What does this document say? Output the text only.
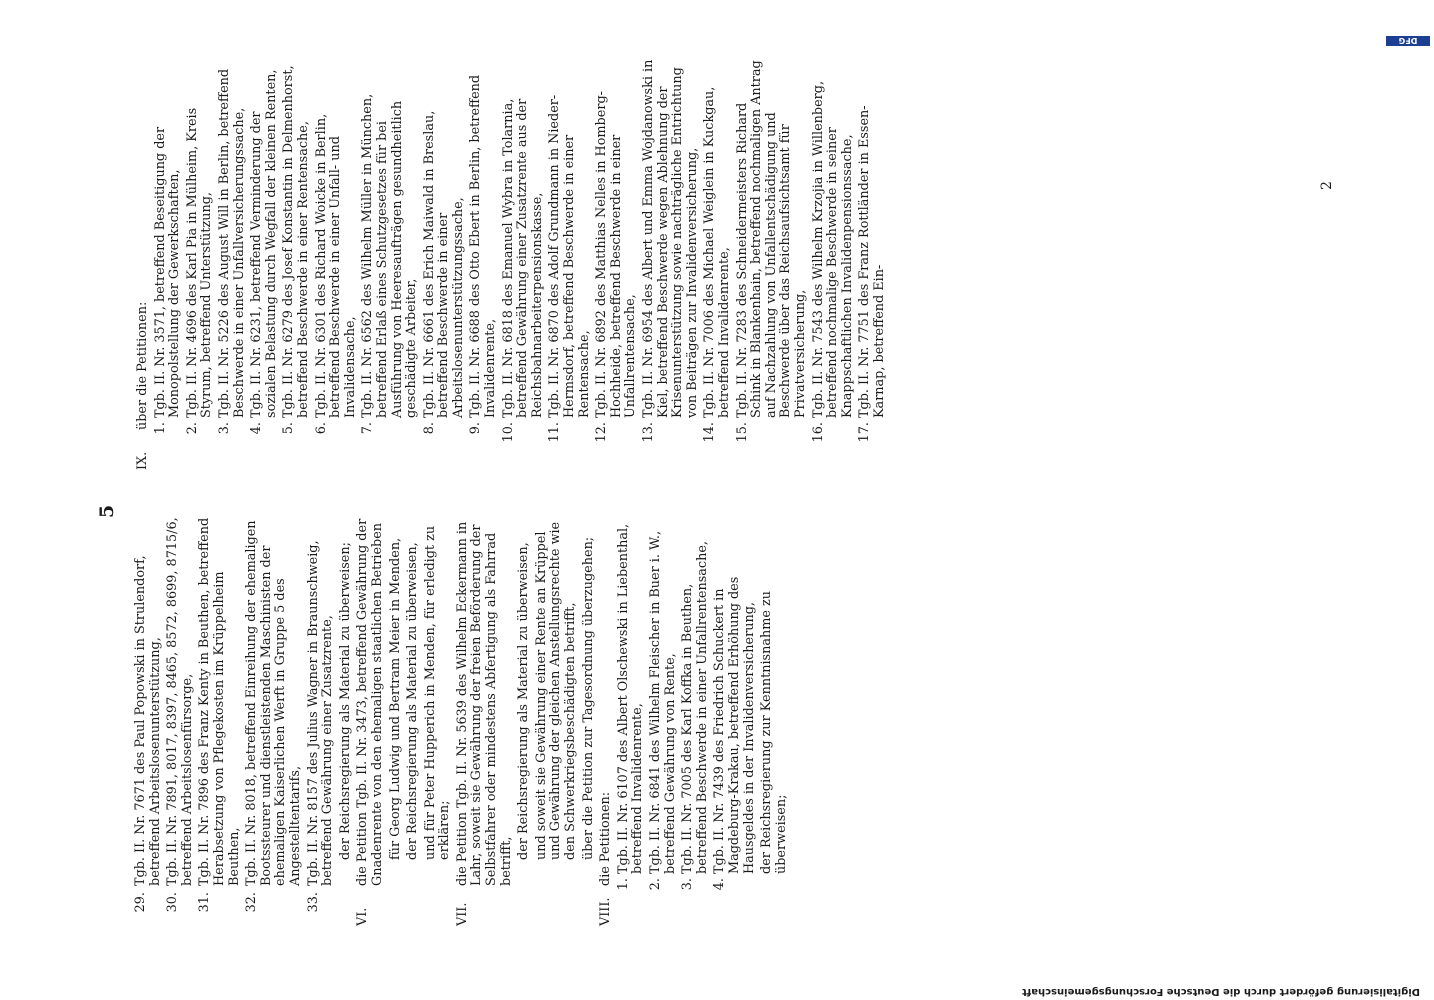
5
29.
Tgb. II. Nr. 7671 des Paul Popowski in Strulendorf, betreffend Arbeitslosenunterstützung,
30.
Tgb. II. Nr. 7891, 8017, 8397, 8465, 8572, 8699, 8715/6, betreffend Arbeitslosenfürsorge,
31.
Tgb. II. Nr. 7896 des Franz Kenty in Beuthen, betreffend Herabsetzung von Pflegekosten im Krüppelheim Beuthen,
32.
Tgb. II. Nr. 8018, betreffend Einreihung der ehemaligen Bootssteurer und dienstleistenden Maschinisten der ehemaligen Kaiserlichen Werft in Gruppe 5 des Angestelltentarifs,
33.
Tgb. II. Nr. 8157 des Julius Wagner in Braunschweig, betreffend Gewährung einer Zusatzrente, der Reichsregierung als Material zu überweisen;
VI.
die Petition Tgb. II. Nr. 3473, betreffend Gewährung der Gnadenrente von den ehemaligen staatlichen Betrieben für Georg Ludwig und Bertram Meier in Menden, der Reichsregierung als Material zu überweisen, und für Peter Hupperich in Menden, für erledigt zu erklären;
VII.
die Petition Tgb. II. Nr. 5639 des Wilhelm Eckermann in Lahr, soweit sie Gewährung der freien Beförderung der Selbstfahrer oder mindestens Abfertigung als Fahrrad betrifft,
der Reichsregierung als Material zu überweisen, und soweit sie Gewährung einer Rente an Krüppel und Gewährung der gleichen Anstellungsrechte wie den Schwerkriegsbeschädigten betrifft, über die Petition zur Tagesordnung überzugehen;
VIII.
die Petitionen: 1.
Tgb. II. Nr. 6107 des Albert Olschewski in Liebenthal, betreffend Invalidenrente,
2.
Tgb. II. Nr. 6841 des Wilhelm Fleischer in Buer i. W., betreffend Gewährung von Rente,
3.
Tgb. II. Nr. 7005 des Karl Koffka in Beuthen, betreffend Beschwerde in einer Unfallrentensache,
4.
Tgb. II. Nr. 7439 des Friedrich Schuckert in Magdeburg-Krakau, betreffend Erhöhung des Hausgeldes in der Invalidenversicherung, der Reichsregierung zur Kenntnisnahme zu überweisen;
IX.
über die Petitionen: 1.
Tgb. II. Nr. 3571, betreffend Beseitigung der Monopolstellung der Gewerkschaften,
2.
Tgb. II. Nr. 4696 des Karl Pia in Mülheim, Kreis Styrum, betreffend Unterstützung,
3.
Tgb. II. Nr. 5226 des August Will in Berlin, betreffend Beschwerde in einer Unfallversicherungssache,
4.
Tgb. II. Nr. 6231, betreffend Verminderung der sozialen Belastung durch Wegfall der kleinen Renten,
5.
Tgb. II. Nr. 6279 des Josef Konstantin in Delmenhorst, betreffend Beschwerde in einer Rentensache,
6.
Tgb. II. Nr. 6301 des Richard Woicke in Berlin, betreffend Beschwerde in einer Unfall- und Invalidensache,
7.
Tgb. II. Nr. 6562 des Wilhelm Müller in München, betreffend Erlaß eines Schutzgesetzes für bei Ausführung von Heeresaufträgen gesundheitlich geschädigte Arbeiter,
8.
Tgb. II. Nr. 6661 des Erich Maiwald in Breslau, betreffend Beschwerde in einer Arbeitslosenunterstützungssache,
9.
Tgb. II. Nr. 6688 des Otto Ebert in Berlin, betreffend Invalidenrente,
10.
Tgb. II. Nr. 6818 des Emanuel Wybra in Tolarnia, betreffend Gewährung einer Zusatzrente aus der Reichsbahnarbeiterpensionskasse,
11.
Tgb. II. Nr. 6870 des Adolf Grundmann in Nieder-Hermsdorf, betreffend Beschwerde in einer Rentensache,
12.
Tgb. II. Nr. 6892 des Matthias Nelles in Homberg-Hochheide, betreffend Beschwerde in einer Unfallrentensache,
13.
Tgb. II. Nr. 6954 des Albert und Emma Wojdanowski in Kiel, betreffend Beschwerde wegen Ablehnung der Krisenunterstützung sowie nachträgliche Entrichtung von Beiträgen zur Invalidenversicherung,
14.
Tgb. II. Nr. 7006 des Michael Weiglein in Kuckgau, betreffend Invalidenrente,
15.
Tgb. II. Nr. 7283 des Schneidermeisters Richard Schink in Blankenhain, betreffend nochmaligen Antrag auf Nachzahlung von Unfallentschädigung und Beschwerde über das Reichsaufsichtsamt für Privatversicherung,
16.
Tgb. II. Nr. 7543 des Wilhelm Krzojia in Willenberg, betreffend nochmalige Beschwerde in seiner Knappschaftlichen Invalidenpensionssache,
17.
Tgb. II. Nr. 7751 des Franz Rottländer in Essen-Karnap, betreffend Ein-
2
Digitalisierung gefördert durch die Deutsche Forschungsgemeinschaft
DFG
